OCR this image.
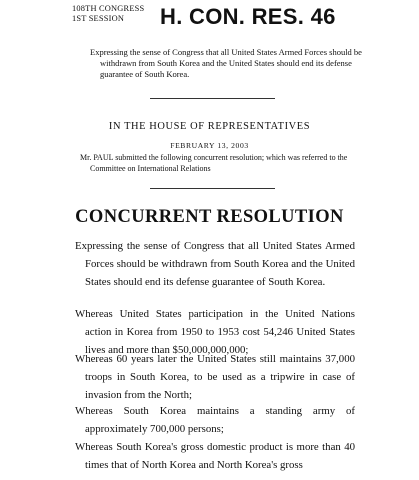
108TH CONGRESS
1ST SESSION	H. CON. RES. 46
Expressing the sense of Congress that all United States Armed Forces should be withdrawn from South Korea and the United States should end its defense guarantee of South Korea.
IN THE HOUSE OF REPRESENTATIVES
FEBRUARY 13, 2003
Mr. PAUL submitted the following concurrent resolution; which was referred to the Committee on International Relations
CONCURRENT RESOLUTION
Expressing the sense of Congress that all United States Armed Forces should be withdrawn from South Korea and the United States should end its defense guarantee of South Korea.
Whereas United States participation in the United Nations action in Korea from 1950 to 1953 cost 54,246 United States lives and more than $50,000,000,000;
Whereas 60 years later the United States still maintains 37,000 troops in South Korea, to be used as a tripwire in case of invasion from the North;
Whereas South Korea maintains a standing army of approximately 700,000 persons;
Whereas South Korea's gross domestic product is more than 40 times that of North Korea and North Korea's gross
